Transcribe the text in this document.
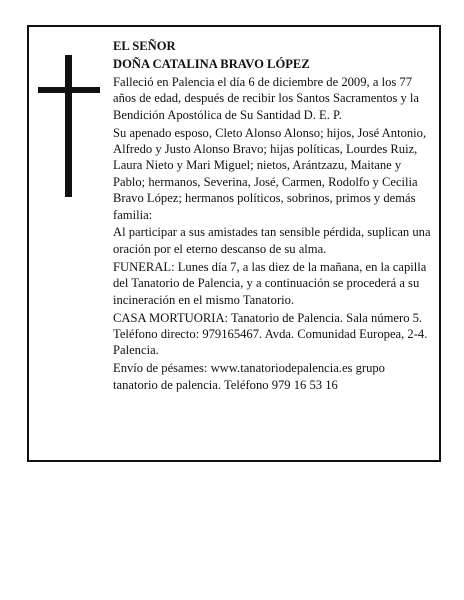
EL SEÑOR

DOÑA CATALINA BRAVO LÓPEZ

Falleció en Palencia el día 6 de diciembre de 2009, a los 77 años de edad, después de recibir los Santos Sacramentos y la Bendición Apostólica de Su Santidad D. E. P.

Su apenado esposo, Cleto Alonso Alonso; hijos, José Antonio, Alfredo y Justo Alonso Bravo; hijas políticas, Lourdes Ruiz, Laura Nieto y Mari Miguel; nietos, Arántzazu, Maitane y Pablo; hermanos, Severina, José, Carmen, Rodolfo y Cecilia Bravo López; hermanos políticos, sobrinos, primos y demás familia:

Al participar a sus amistades tan sensible pérdida, suplican una oración por el eterno descanso de su alma.

FUNERAL: Lunes día 7, a las diez de la mañana, en la capilla del Tanatorio de Palencia, y a continuación se procederá a su incineración en el mismo Tanatorio.

CASA MORTUORIA: Tanatorio de Palencia. Sala número 5. Teléfono directo: 979165467. Avda. Comunidad Europea, 2-4. Palencia.

Envío de pésames: www.tanatoriodepalencia.es grupo tanatorio de palencia. Teléfono 979 16 53 16
